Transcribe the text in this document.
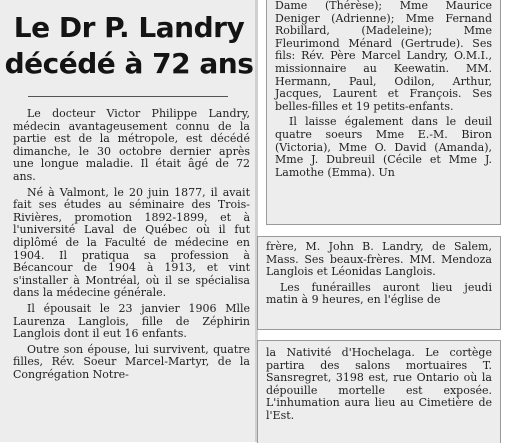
Le Dr P. Landry
décédé à 72 ans

Le docteur Victor Philippe Landry, médecin avantageusement connu de la partie est de la métropole, est décédé dimanche, le 30 octobre dernier après une longue maladie. Il était âgé de 72 ans.

Né à Valmont, le 20 juin 1877, il avait fait ses études au séminaire des Trois-Rivières, promotion 1892-1899, et à l'université Laval de Québec où il fut diplômé de la Faculté de médecine en 1904. Il pratiqua sa profession à Bécancour de 1904 à 1913, et vint s'installer à Montréal, où il se spécialisa dans la médecine générale.

Il épousait le 23 janvier 1906 Mlle Laurenza Langlois, fille de Zéphirin Langlois dont il eut 16 enfants.

Outre son épouse, lui survivent, quatre filles, Rév. Soeur Marcel-Martyr, de la Congrégation Notre-

Dame (Thérèse); Mme Maurice Deniger (Adrienne); Mme Fernand Robillard, (Madeleine); Mme Fleurimond Ménard (Gertrude). Ses fils: Rév. Père Marcel Landry, O.M.I., missionnaire au Keewatin. MM. Hermann, Paul, Odilon, Arthur, Jacques, Laurent et François. Ses belles-filles et 19 petits-enfants.

Il laisse également dans le deuil quatre soeurs Mme E.-M. Biron (Victoria), Mme O. David (Amanda), Mme J. Dubreuil (Cécile et Mme J. Lamothe (Emma). Un

frère, M. John B. Landry, de Salem, Mass. Ses beaux-frères. MM. Mendoza Langlois et Léonidas Langlois.

Les funérailles auront lieu jeudi matin à 9 heures, en l'église de

la Nativité d'Hochelaga. Le cortège partira des salons mortuaires T. Sansregret, 3198 est, rue Ontario où la dépouille mortelle est exposée. L'inhumation aura lieu au Cimetière de l'Est.
